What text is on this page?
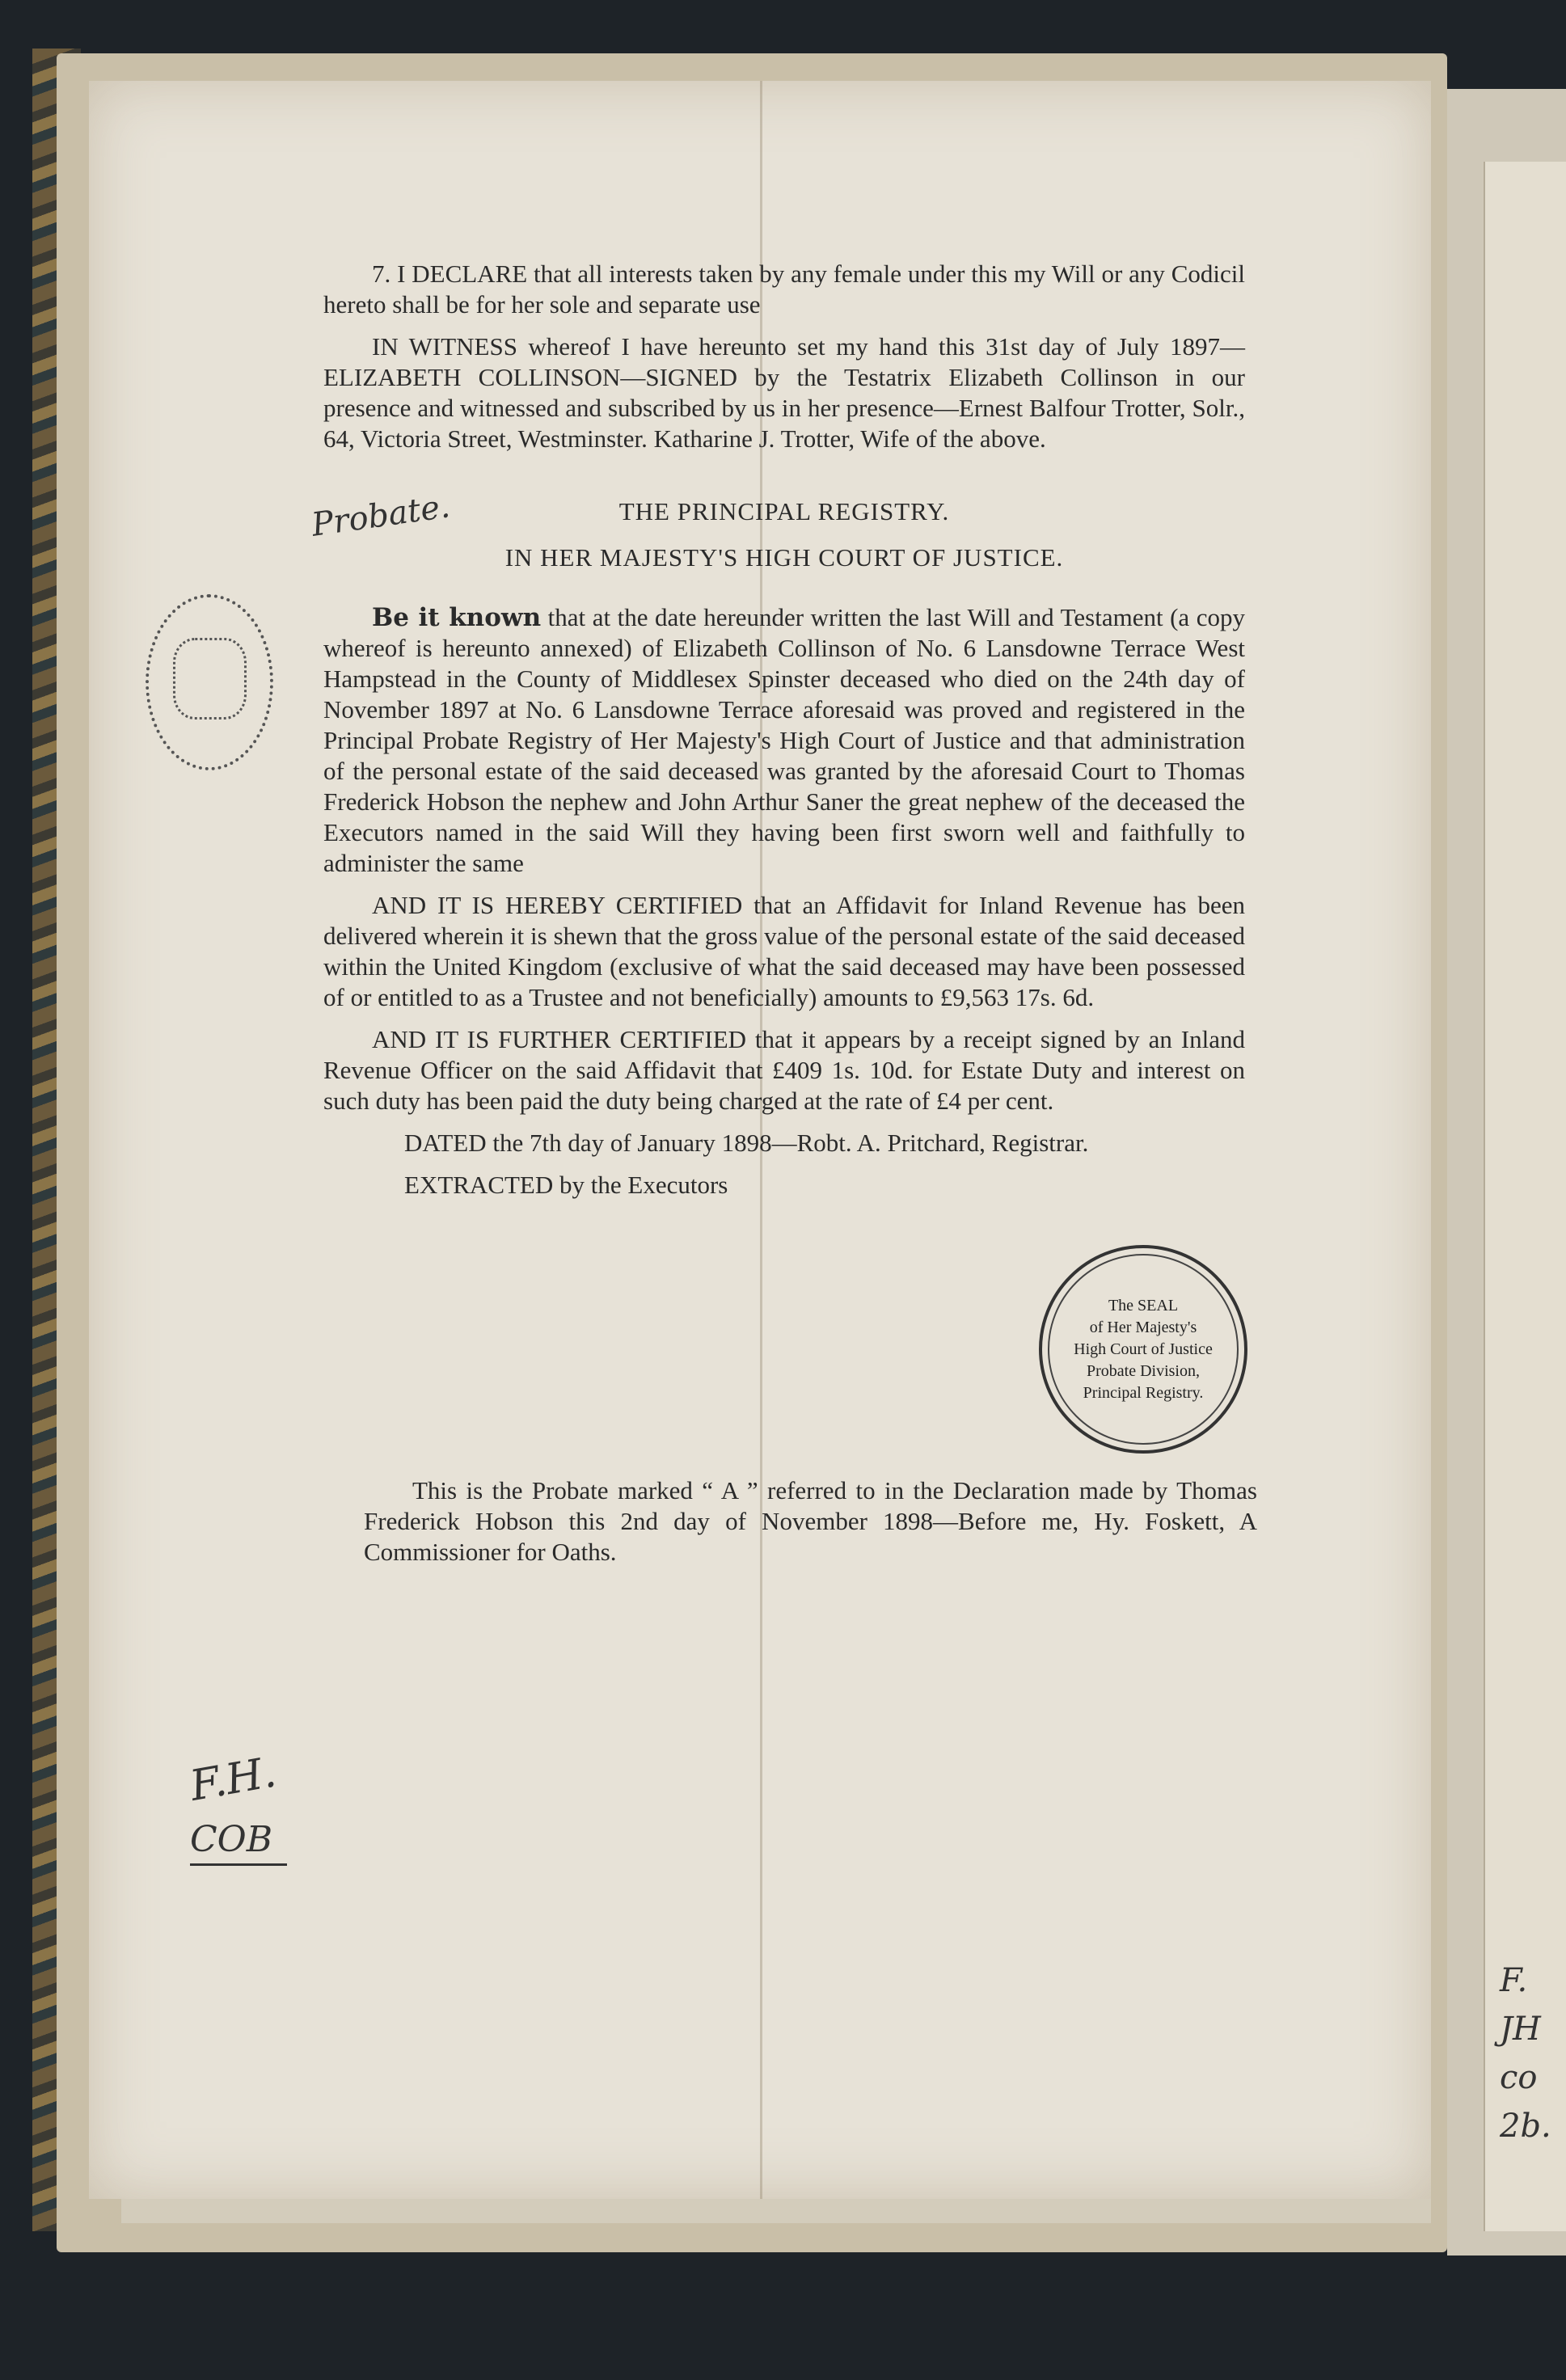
7. I DECLARE that all interests taken by any female under this my Will or any Codicil hereto shall be for her sole and separate use

IN WITNESS whereof I have hereunto set my hand this 31st day of July 1897—ELIZABETH COLLINSON—SIGNED by the Testatrix Elizabeth Collinson in our presence and witnessed and subscribed by us in her presence—Ernest Balfour Trotter, Solr., 64, Victoria Street, Westminster. Katharine J. Trotter, Wife of the above.

Probate.	THE PRINCIPAL REGISTRY.
IN HER MAJESTY'S HIGH COURT OF JUSTICE.

Be it known that at the date hereunder written the last Will and Testament (a copy whereof is hereunto annexed) of Elizabeth Collinson of No. 6 Lansdowne Terrace West Hampstead in the County of Middlesex Spinster deceased who died on the 24th day of November 1897 at No. 6 Lansdowne Terrace aforesaid was proved and registered in the Principal Probate Registry of Her Majesty's High Court of Justice and that administration of the personal estate of the said deceased was granted by the aforesaid Court to Thomas Frederick Hobson the nephew and John Arthur Saner the great nephew of the deceased the Executors named in the said Will they having been first sworn well and faithfully to administer the same

AND IT IS HEREBY CERTIFIED that an Affidavit for Inland Revenue has been delivered wherein it is shewn that the gross value of the personal estate of the said deceased within the United Kingdom (exclusive of what the said deceased may have been possessed of or entitled to as a Trustee and not beneficially) amounts to £9,563 17s. 6d.

AND IT IS FURTHER CERTIFIED that it appears by a receipt signed by an Inland Revenue Officer on the said Affidavit that £409 1s. 10d. for Estate Duty and interest on such duty has been paid the duty being charged at the rate of £4 per cent.

DATED the 7th day of January 1898—Robt. A. Pritchard, Registrar.

EXTRACTED by the Executors

The SEAL
of Her Majesty's
High Court of Justice
Probate Division,
Principal Registry.

This is the Probate marked “ A ” referred to in the Declaration made by Thomas Frederick Hobson this 2nd day of November 1898—Before me, Hy. Foskett, A Commissioner for Oaths.

F.H.
COB
F.
JH
co
2b.
